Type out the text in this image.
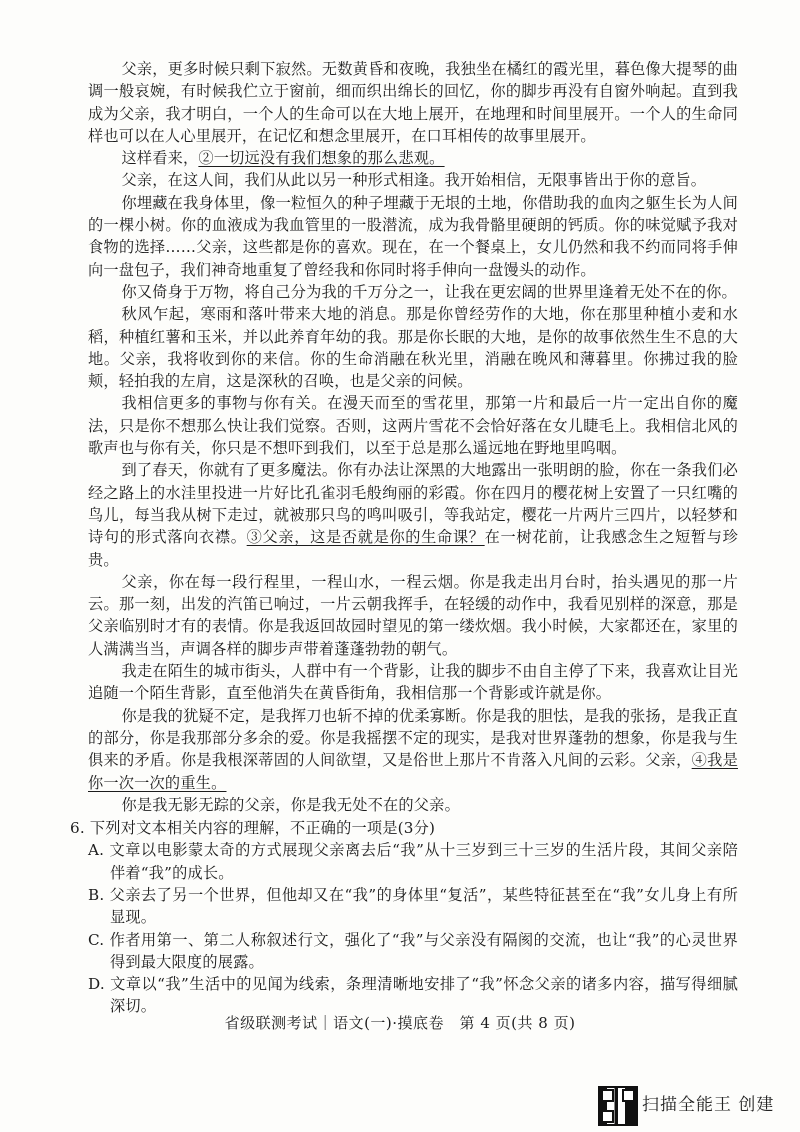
父亲，更多时候只剩下寂然。无数黄昏和夜晚，我独坐在橘红的霞光里，暮色像大提琴的曲调一般哀婉，有时候我伫立于窗前，细而织出绵长的回忆，你的脚步再没有自窗外响起。直到我成为父亲，我才明白，一个人的生命可以在大地上展开，在地理和时间里展开。一个人的生命同样也可以在人心里展开，在记忆和想念里展开，在口耳相传的故事里展开。

这样看来，②一切远没有我们想象的那么悲观。

父亲，在这人间，我们从此以另一种形式相逢。我开始相信，无限事皆出于你的意旨。

你埋藏在我身体里，像一粒恒久的种子埋藏于无垠的土地，你借助我的血肉之躯生长为人间的一棵小树。你的血液成为我血管里的一股潜流，成为我骨骼里硬朗的钙质。你的味觉赋予我对食物的选择……父亲，这些都是你的喜欢。现在，在一个餐桌上，女儿仍然和我不约而同将手伸向一盘包子，我们神奇地重复了曾经我和你同时将手伸向一盘馒头的动作。

你又倚身于万物，将自己分为我的千万分之一，让我在更宏阔的世界里逢着无处不在的你。

秋风乍起，寒雨和落叶带来大地的消息。那是你曾经劳作的大地，你在那里种植小麦和水稻，种植红薯和玉米，并以此养育年幼的我。那是你长眠的大地，是你的故事依然生生不息的大地。父亲，我将收到你的来信。你的生命消融在秋光里，消融在晚风和薄暮里。你拂过我的脸颊，轻拍我的左肩，这是深秋的召唤，也是父亲的问候。

我相信更多的事物与你有关。在漫天而至的雪花里，那第一片和最后一片一定出自你的魔法，只是你不想那么快让我们觉察。否则，这两片雪花不会恰好落在女儿睫毛上。我相信北风的歌声也与你有关，你只是不想吓到我们，以至于总是那么遥远地在野地里呜咽。

到了春天，你就有了更多魔法。你有办法让深黑的大地露出一张明朗的脸，你在一条我们必经之路上的水洼里投进一片好比孔雀羽毛般绚丽的彩霞。你在四月的樱花树上安置了一只红嘴的鸟儿，每当我从树下走过，就被那只鸟的鸣叫吸引，等我站定，樱花一片两片三四片，以轻梦和诗句的形式落向衣襟。③父亲，这是否就是你的生命课？在一树花前，让我感念生之短暂与珍贵。

父亲，你在每一段行程里，一程山水，一程云烟。你是我走出月台时，抬头遇见的那一片云。那一刻，出发的汽笛已响过，一片云朝我挥手，在轻缓的动作中，我看见别样的深意，那是父亲临别时才有的表情。你是我返回故园时望见的第一缕炊烟。我小时候，大家都还在，家里的人满满当当，声调各样的脚步声带着蓬蓬勃勃的朝气。

我走在陌生的城市街头，人群中有一个背影，让我的脚步不由自主停了下来，我喜欢让目光追随一个陌生背影，直至他消失在黄昏街角，我相信那一个背影或许就是你。

你是我的犹疑不定，是我挥刀也斩不掉的优柔寡断。你是我的胆怯，是我的张扬，是我正直的部分，你是我那部分多余的爱。你是我摇摆不定的现实，是我对世界蓬勃的想象，你是我与生俱来的矛盾。你是我根深蒂固的人间欲望，又是俗世上那片不肯落入凡间的云彩。父亲，④我是你一次一次的重生。

你是我无影无踪的父亲，你是我无处不在的父亲。

6. 下列对文本相关内容的理解，不正确的一项是(3分)

A. 文章以电影蒙太奇的方式展现父亲离去后“我”从十三岁到三十三岁的生活片段，其间父亲陪伴着“我”的成长。

B. 父亲去了另一个世界，但他却又在“我”的身体里“复活”，某些特征甚至在“我”女儿身上有所显现。

C. 作者用第一、第二人称叙述行文，强化了“我”与父亲没有隔阂的交流，也让“我”的心灵世界得到最大限度的展露。

D. 文章以“我”生活中的见闻为线索，条理清晰地安排了“我”怀念父亲的诸多内容，描写得细腻深切。

省级联测考试｜语文(一)·摸底卷　第 4 页(共 8 页)
扫描全能王 创建
